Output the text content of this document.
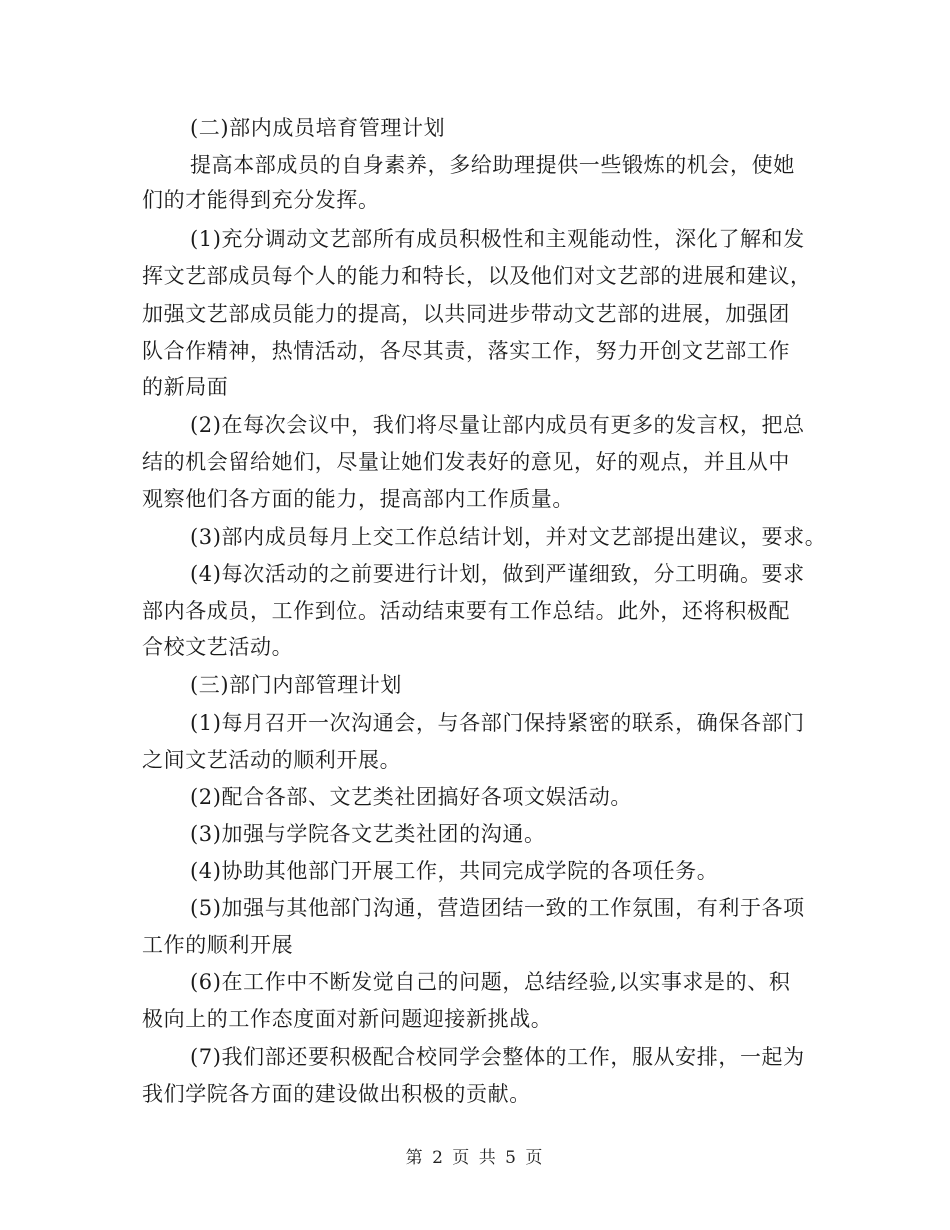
(二)部内成员培育管理计划
提高本部成员的自身素养，多给助理提供一些锻炼的机会，使她
们的才能得到充分发挥。
(1)充分调动文艺部所有成员积极性和主观能动性，深化了解和发
挥文艺部成员每个人的能力和特长，以及他们对文艺部的进展和建议，
加强文艺部成员能力的提高，以共同进步带动文艺部的进展，加强团
队合作精神，热情活动，各尽其责，落实工作，努力开创文艺部工作
的新局面
(2)在每次会议中，我们将尽量让部内成员有更多的发言权，把总
结的机会留给她们，尽量让她们发表好的意见，好的观点，并且从中
观察他们各方面的能力，提高部内工作质量。
(3)部内成员每月上交工作总结计划，并对文艺部提出建议，要求。
(4)每次活动的之前要进行计划，做到严谨细致，分工明确。要求
部内各成员，工作到位。活动结束要有工作总结。此外，还将积极配
合校文艺活动。
(三)部门内部管理计划
(1)每月召开一次沟通会，与各部门保持紧密的联系，确保各部门
之间文艺活动的顺利开展。
(2)配合各部、文艺类社团搞好各项文娱活动。
(3)加强与学院各文艺类社团的沟通。
(4)协助其他部门开展工作，共同完成学院的各项任务。
(5)加强与其他部门沟通，营造团结一致的工作氛围，有利于各项
工作的顺利开展
(6)在工作中不断发觉自己的问题，总结经验,以实事求是的、积
极向上的工作态度面对新问题迎接新挑战。
(7)我们部还要积极配合校同学会整体的工作，服从安排，一起为
我们学院各方面的建设做出积极的贡献。
第 2 页 共 5 页
